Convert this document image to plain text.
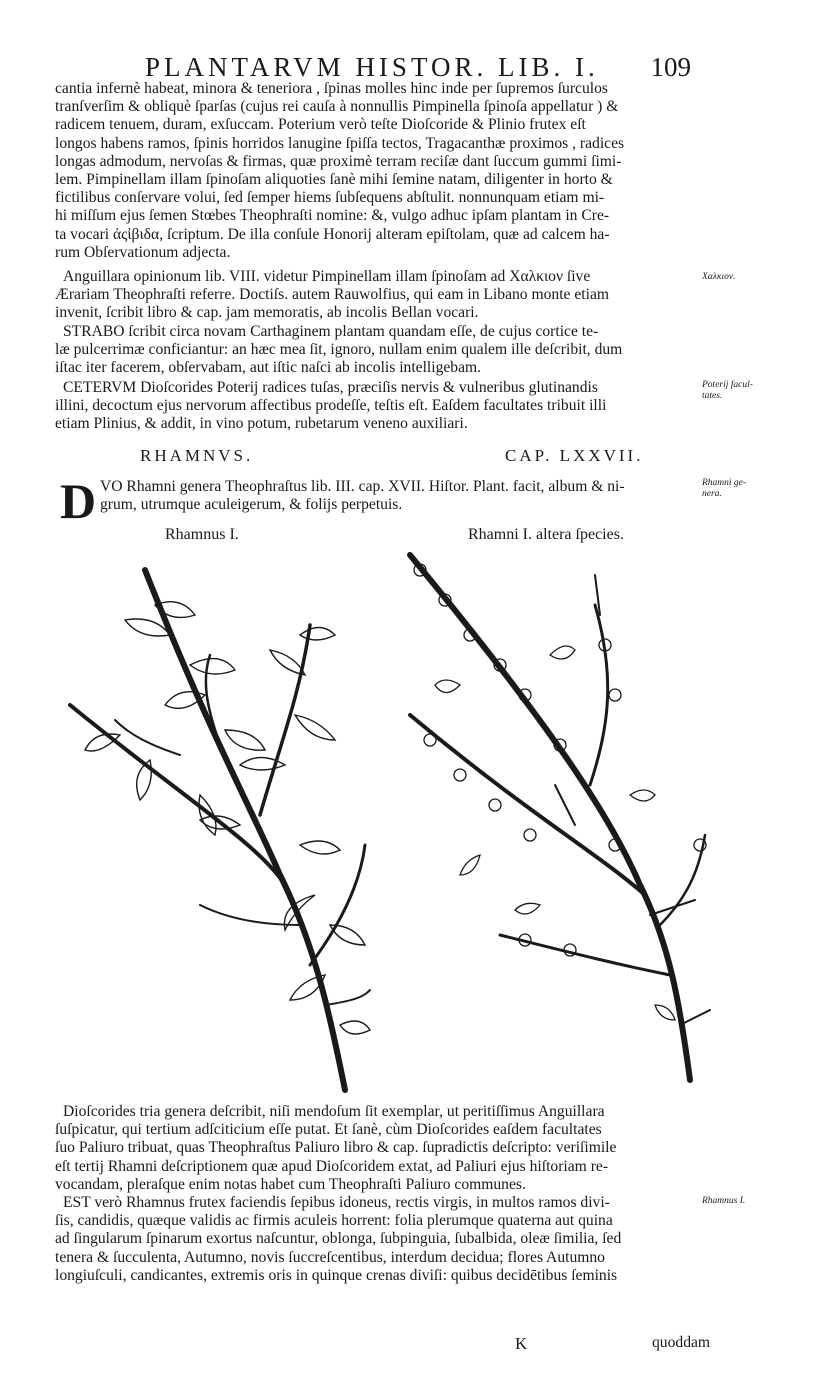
PLANTARVM HISTOR. LIB. I. 109
cantia infernè habeat, minora & teneriora , ſpinas molles hinc inde per ſupremos ſurculos
tranſverſim & obliquè ſparſas (cujus rei cauſa à nonnullis Pimpinella ſpinoſa appellatur ) &
radicem tenuem, duram, exſuccam. Poterium verò teſte Dioſcoride & Plinio frutex eſt
longos habens ramos, ſpinis horridos lanugine ſpiſſa tectos, Tragacanthæ proximos , radices
longas admodum, nervoſas & firmas, quæ proximè terram reciſæ dant ſuccum gummi ſimi-
lem. Pimpinellam illam ſpinoſam aliquoties ſanè mihi ſemine natam, diligenter in horto &
fictilibus conſervare volui, ſed ſemper hiems ſubſequens abſtulit. nonnunquam etiam mi-
hi miſſum ejus ſemen Stœbes Theophraſti nomine: &, vulgo adhuc ipſam plantam in Cre-
ta vocari ἀςἰβιδα, ſcriptum. De illa conſule Honorij alteram epiſtolam, quæ ad calcem ha-
rum Obſervationum adjecta.
Anguillara opinionum lib. VIII. videtur Pimpinellam illam ſpinoſam ad Χαλκιον ſive
Ærariam Theophraſti referre. Doctiſs. autem Rauwolfius, qui eam in Libano monte etiam
invenit, ſcribit libro & cap. jam memoratis, ab incolis Bellan vocari.
STRABO ſcribit circa novam Carthaginem plantam quandam eſſe, de cujus cortice te-
læ pulcerrimæ conficiantur: an hæc mea ſit, ignoro, nullam enim qualem ille deſcribit, dum
iſtac iter facerem, obſervabam, aut iſtic naſci ab incolis intelligebam.
CETERVM Dioſcorides Poterij radices tuſas, præciſis nervis & vulneribus glutinandis
illini, decoctum ejus nervorum affectibus prodeſſe, teſtis eſt. Eaſdem facultates tribuit illi
etiam Plinius, & addit, in vino potum, rubetarum veneno auxiliari.
RHAMNVS.	CAP. LXXVII.
D VO Rhamni genera Theophraſtus lib. III. cap. XVII. Hiſtor. Plant. facit, album & ni-
grum, utrumque aculeigerum, & folijs perpetuis.
Rhamnus I.	Rhamni I. altera ſpecies.
Dioſcorides tria genera deſcribit, niſi mendoſum ſit exemplar, ut peritiſſimus Anguillara
ſuſpicatur, qui tertium adſciticium eſſe putat. Et ſanè, cùm Dioſcorides eaſdem facultates
ſuo Paliuro tribuat, quas Theophraſtus Paliuro libro & cap. ſupradictis deſcripto: veriſimile
eſt tertij Rhamni deſcriptionem quæ apud Dioſcoridem extat, ad Paliuri ejus hiſtoriam re-
vocandam, pleraſque enim notas habet cum Theophraſti Paliuro communes.
EST verò Rhamnus frutex faciendis ſepibus idoneus, rectis virgis, in multos ramos divi-
ſis, candidis, quæque validis ac firmis aculeis horrent: folia plerumque quaterna aut quina
ad ſingularum ſpinarum exortus naſcuntur, oblonga, ſubpinguia, ſubalbida, oleæ ſimilia, ſed
tenera & ſucculenta, Autumno, novis ſuccreſcentibus, interdum decidua; flores Autumno
longiuſculi, candicantes, extremis oris in quinque crenas diviſi: quibus decidētibus ſeminis
K	quoddam
Χαλκιον.
Poterij facul-
tates.
Rhamni ge-
nera.
Rhamnus I.
